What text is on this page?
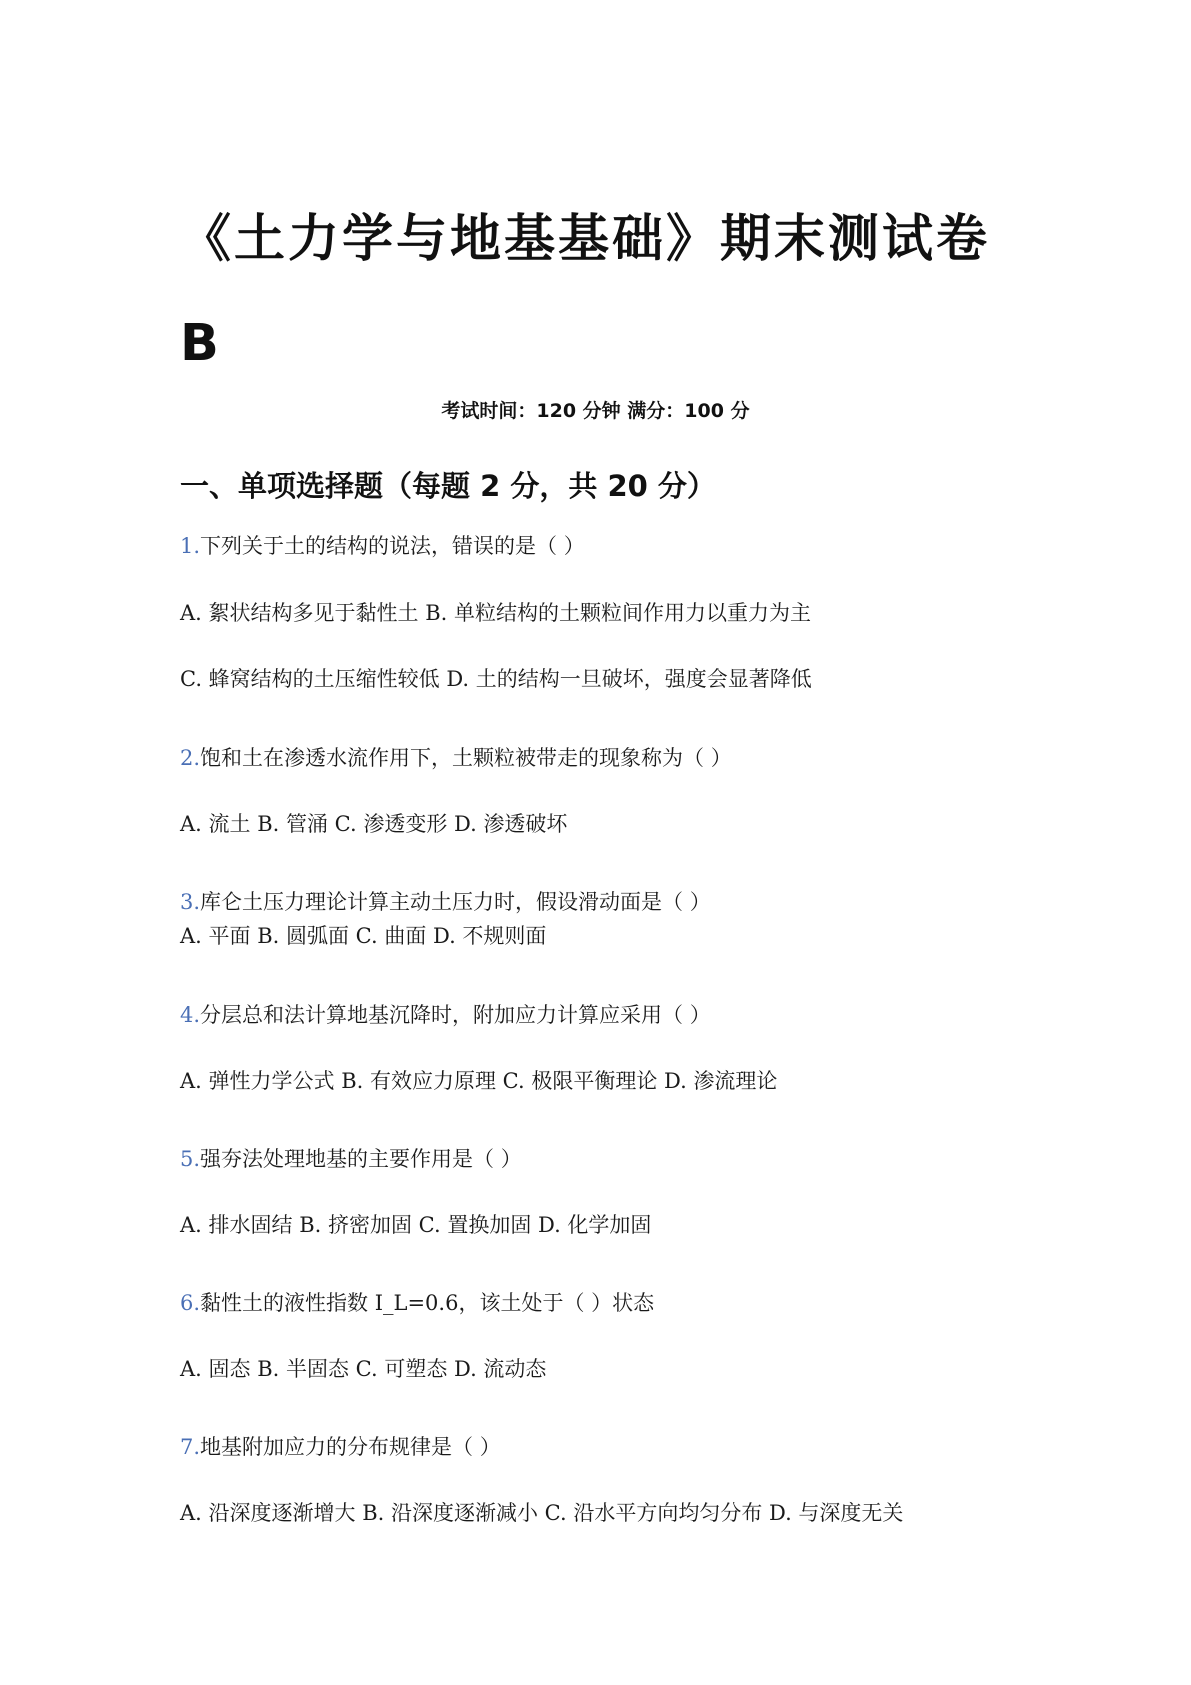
《土力学与地基基础》期末测试卷 B
考试时间：120 分钟 满分：100 分
一、单项选择题（每题 2 分，共 20 分）
1.下列关于土的结构的说法，错误的是（ ）
A. 絮状结构多见于黏性土 B. 单粒结构的土颗粒间作用力以重力为主
C. 蜂窝结构的土压缩性较低 D. 土的结构一旦破坏，强度会显著降低
2.饱和土在渗透水流作用下，土颗粒被带走的现象称为（ ）
A. 流土 B. 管涌 C. 渗透变形 D. 渗透破坏
3.库仑土压力理论计算主动土压力时，假设滑动面是（ ）
A. 平面 B. 圆弧面 C. 曲面 D. 不规则面
4.分层总和法计算地基沉降时，附加应力计算应采用（ ）
A. 弹性力学公式 B. 有效应力原理 C. 极限平衡理论 D. 渗流理论
5.强夯法处理地基的主要作用是（ ）
A. 排水固结 B. 挤密加固 C. 置换加固 D. 化学加固
6.黏性土的液性指数 I_L=0.6，该土处于（ ）状态
A. 固态 B. 半固态 C. 可塑态 D. 流动态
7.地基附加应力的分布规律是（ ）
A. 沿深度逐渐增大 B. 沿深度逐渐减小 C. 沿水平方向均匀分布 D. 与深度无关
